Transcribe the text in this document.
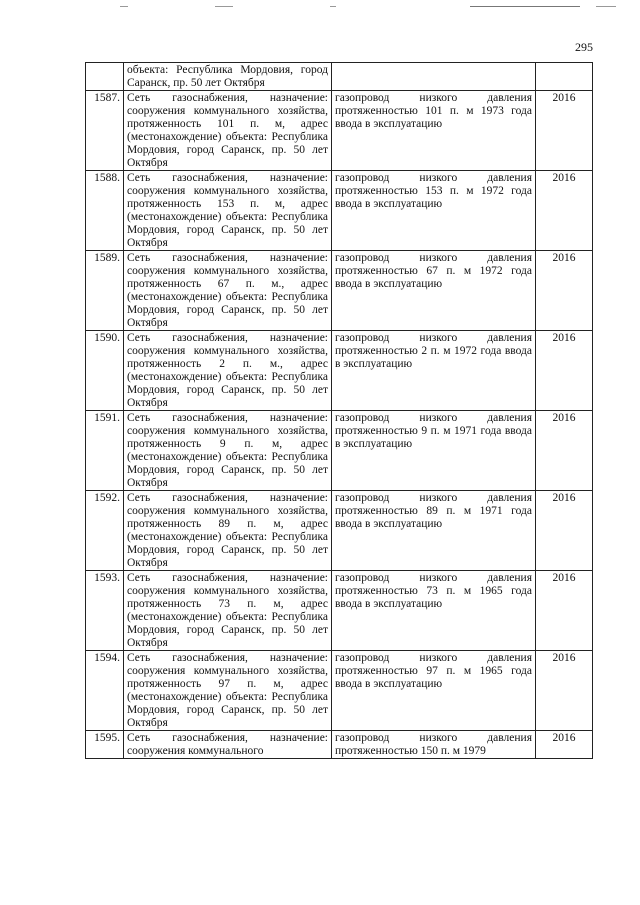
295
	объекта: Республика Мордовия, город Саранск, пр. 50 лет Октября		
1587.	Сеть газоснабжения, назначение: сооружения коммунального хозяйства, протяженность 101 п. м, адрес (местонахождение) объекта: Республика Мордовия, город Саранск, пр. 50 лет Октября	газопровод низкого давления протяженностью 101 п. м 1973 года ввода в эксплуатацию	2016
1588.	Сеть газоснабжения, назначение: сооружения коммунального хозяйства, протяженность 153 п. м, адрес (местонахождение) объекта: Республика Мордовия, город Саранск, пр. 50 лет Октября	газопровод низкого давления протяженностью 153 п. м 1972 года ввода в эксплуатацию	2016
1589.	Сеть газоснабжения, назначение: сооружения коммунального хозяйства, протяженность 67 п. м., адрес (местонахождение) объекта: Республика Мордовия, город Саранск, пр. 50 лет Октября	газопровод низкого давления протяженностью 67 п. м 1972 года ввода в эксплуатацию	2016
1590.	Сеть газоснабжения, назначение: сооружения коммунального хозяйства, протяженность 2 п. м., адрес (местонахождение) объекта: Республика Мордовия, город Саранск, пр. 50 лет Октября	газопровод низкого давления протяженностью 2 п. м 1972 года ввода в эксплуатацию	2016
1591.	Сеть газоснабжения, назначение: сооружения коммунального хозяйства, протяженность 9 п. м, адрес (местонахождение) объекта: Республика Мордовия, город Саранск, пр. 50 лет Октября	газопровод низкого давления протяженностью 9 п. м 1971 года ввода в эксплуатацию	2016
1592.	Сеть газоснабжения, назначение: сооружения коммунального хозяйства, протяженность 89 п. м, адрес (местонахождение) объекта: Республика Мордовия, город Саранск, пр. 50 лет Октября	газопровод низкого давления протяженностью 89 п. м 1971 года ввода в эксплуатацию	2016
1593.	Сеть газоснабжения, назначение: сооружения коммунального хозяйства, протяженность 73 п. м, адрес (местонахождение) объекта: Республика Мордовия, город Саранск, пр. 50 лет Октября	газопровод низкого давления протяженностью 73 п. м 1965 года ввода в эксплуатацию	2016
1594.	Сеть газоснабжения, назначение: сооружения коммунального хозяйства, протяженность 97 п. м, адрес (местонахождение) объекта: Республика Мордовия, город Саранск, пр. 50 лет Октября	газопровод низкого давления протяженностью 97 п. м 1965 года ввода в эксплуатацию	2016
1595.	Сеть газоснабжения, назначение: сооружения коммунального	газопровод низкого давления протяженностью 150 п. м 1979	2016
